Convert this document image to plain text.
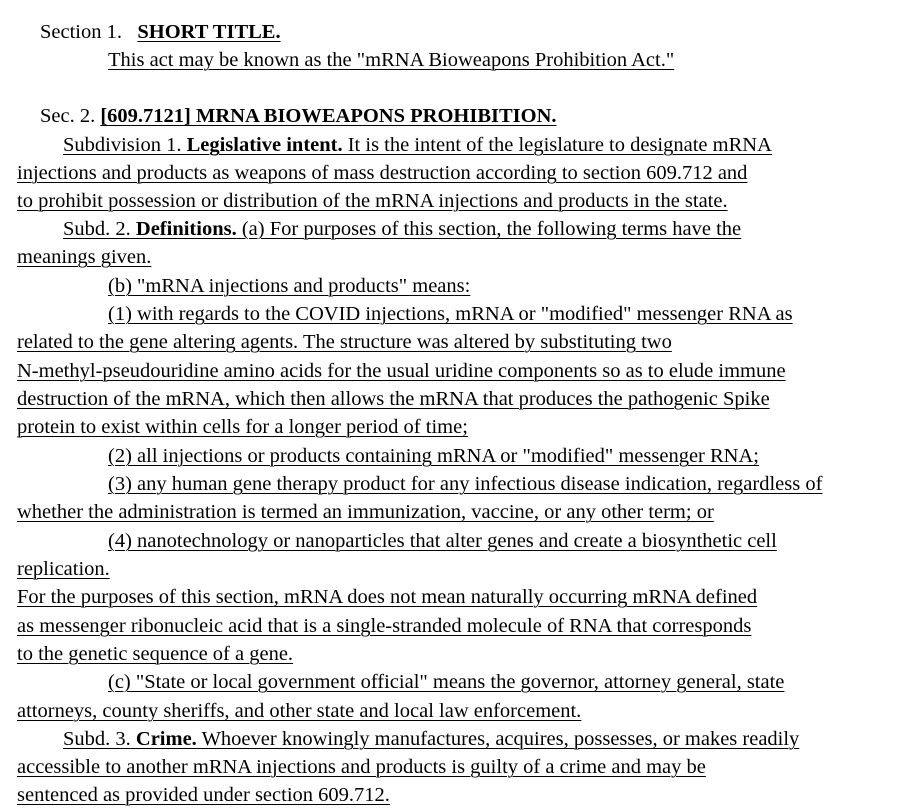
Section 1. SHORT TITLE.
This act may be known as the "mRNA Bioweapons Prohibition Act."
Sec. 2. [609.7121] MRNA BIOWEAPONS PROHIBITION.
Subdivision 1. Legislative intent. It is the intent of the legislature to designate mRNA
injections and products as weapons of mass destruction according to section 609.712 and
to prohibit possession or distribution of the mRNA injections and products in the state.
Subd. 2. Definitions. (a) For purposes of this section, the following terms have the
meanings given.
(b) "mRNA injections and products" means:
(1) with regards to the COVID injections, mRNA or "modified" messenger RNA as
related to the gene altering agents. The structure was altered by substituting two
N-methyl-pseudouridine amino acids for the usual uridine components so as to elude immune
destruction of the mRNA, which then allows the mRNA that produces the pathogenic Spike
protein to exist within cells for a longer period of time;
(2) all injections or products containing mRNA or "modified" messenger RNA;
(3) any human gene therapy product for any infectious disease indication, regardless of
whether the administration is termed an immunization, vaccine, or any other term; or
(4) nanotechnology or nanoparticles that alter genes and create a biosynthetic cell
replication.
For the purposes of this section, mRNA does not mean naturally occurring mRNA defined
as messenger ribonucleic acid that is a single-stranded molecule of RNA that corresponds
to the genetic sequence of a gene.
(c) "State or local government official" means the governor, attorney general, state
attorneys, county sheriffs, and other state and local law enforcement.
Subd. 3. Crime. Whoever knowingly manufactures, acquires, possesses, or makes readily
accessible to another mRNA injections and products is guilty of a crime and may be
sentenced as provided under section 609.712.
